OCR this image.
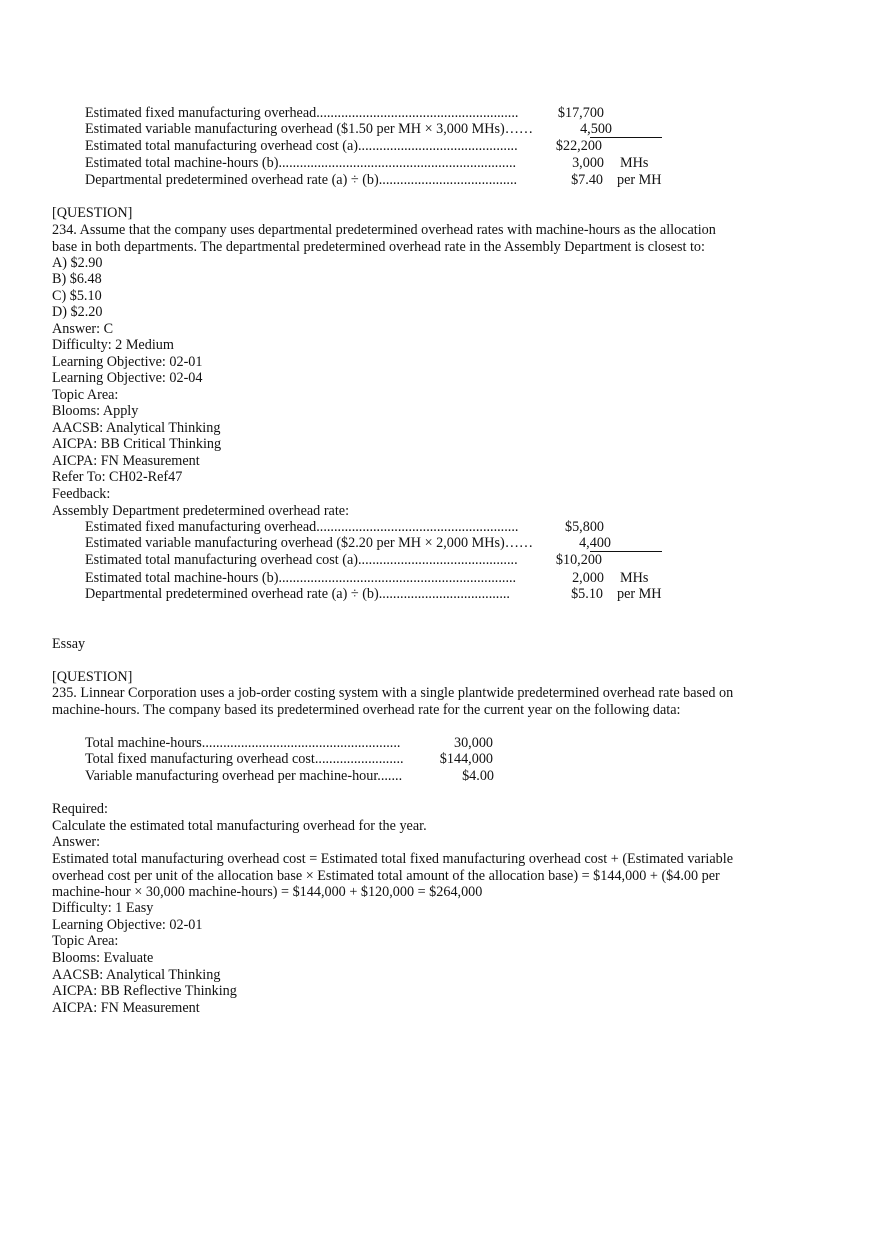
Estimated fixed manufacturing overhead.........................................................	$17,700
Estimated variable manufacturing overhead ($1.50 per MH × 3,000 MHs)……	4,500
Estimated total manufacturing overhead cost (a).............................................	$22,200
Estimated total machine-hours (b)...................................................................	3,000 MHs
Departmental predetermined overhead rate (a) ÷ (b).......................................	$7.40 per MH
[QUESTION]
234. Assume that the company uses departmental predetermined overhead rates with machine-hours as the allocation base in both departments. The departmental predetermined overhead rate in the Assembly Department is closest to:
A) $2.90
B) $6.48
C) $5.10
D) $2.20
Answer: C
Difficulty: 2 Medium
Learning Objective: 02-01
Learning Objective: 02-04
Topic Area:
Blooms: Apply
AACSB: Analytical Thinking
AICPA: BB Critical Thinking
AICPA: FN Measurement
Refer To: CH02-Ref47
Feedback:
Assembly Department predetermined overhead rate:
Estimated fixed manufacturing overhead.........................................................	$5,800
Estimated variable manufacturing overhead ($2.20 per MH × 2,000 MHs)……	4,400
Estimated total manufacturing overhead cost (a).............................................	$10,200
Estimated total machine-hours (b)...................................................................	2,000 MHs
Departmental predetermined overhead rate (a) ÷ (b).....................................	$5.10 per MH
Essay
[QUESTION]
235. Linnear Corporation uses a job-order costing system with a single plantwide predetermined overhead rate based on machine-hours. The company based its predetermined overhead rate for the current year on the following data:
Total machine-hours........................................................	30,000
Total fixed manufacturing overhead cost.........................	$144,000
Variable manufacturing overhead per machine-hour.......	$4.00
Required:
Calculate the estimated total manufacturing overhead for the year.
Answer:
Estimated total manufacturing overhead cost = Estimated total fixed manufacturing overhead cost + (Estimated variable overhead cost per unit of the allocation base × Estimated total amount of the allocation base) = $144,000 + ($4.00 per machine-hour × 30,000 machine-hours) = $144,000 + $120,000 = $264,000
Difficulty: 1 Easy
Learning Objective: 02-01
Topic Area:
Blooms: Evaluate
AACSB: Analytical Thinking
AICPA: BB Reflective Thinking
AICPA: FN Measurement
